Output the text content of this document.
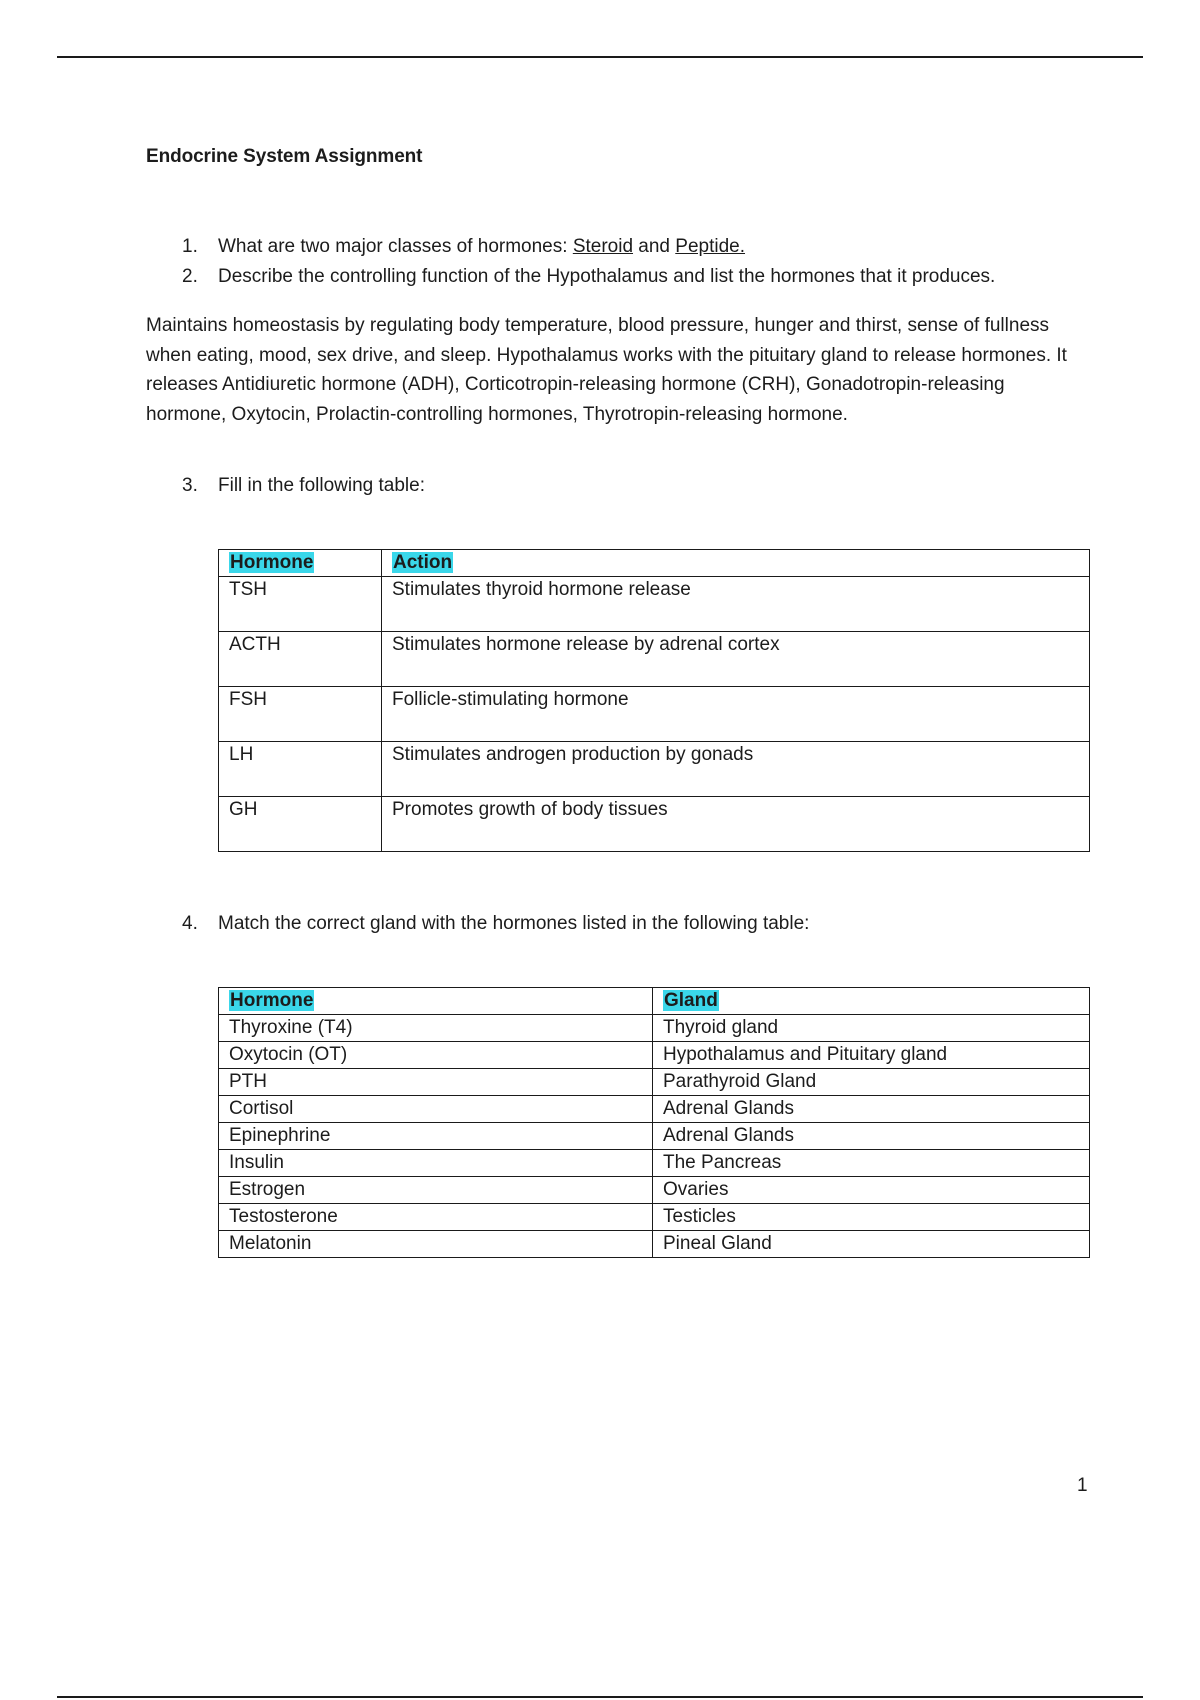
Endocrine System Assignment
1.	What are two major classes of hormones: Steroid and Peptide.
2.	Describe the controlling function of the Hypothalamus and list the hormones that it produces.
Maintains homeostasis by regulating body temperature, blood pressure, hunger and thirst, sense of fullness when eating, mood, sex drive, and sleep. Hypothalamus works with the pituitary gland to release hormones. It releases Antidiuretic hormone (ADH), Corticotropin-releasing hormone (CRH), Gonadotropin-releasing hormone, Oxytocin, Prolactin-controlling hormones, Thyrotropin-releasing hormone.
3.	Fill in the following table:
Hormone	Action
TSH	Stimulates thyroid hormone release
ACTH	Stimulates hormone release by adrenal cortex
FSH	Follicle-stimulating hormone
LH	Stimulates androgen production by gonads
GH	Promotes growth of body tissues
4.	Match the correct gland with the hormones listed in the following table:
Hormone	Gland
Thyroxine (T4)	Thyroid gland
Oxytocin (OT)	Hypothalamus and Pituitary gland
PTH	Parathyroid Gland
Cortisol	Adrenal Glands
Epinephrine	Adrenal Glands
Insulin	The Pancreas
Estrogen	Ovaries
Testosterone	Testicles
Melatonin	Pineal Gland
1
